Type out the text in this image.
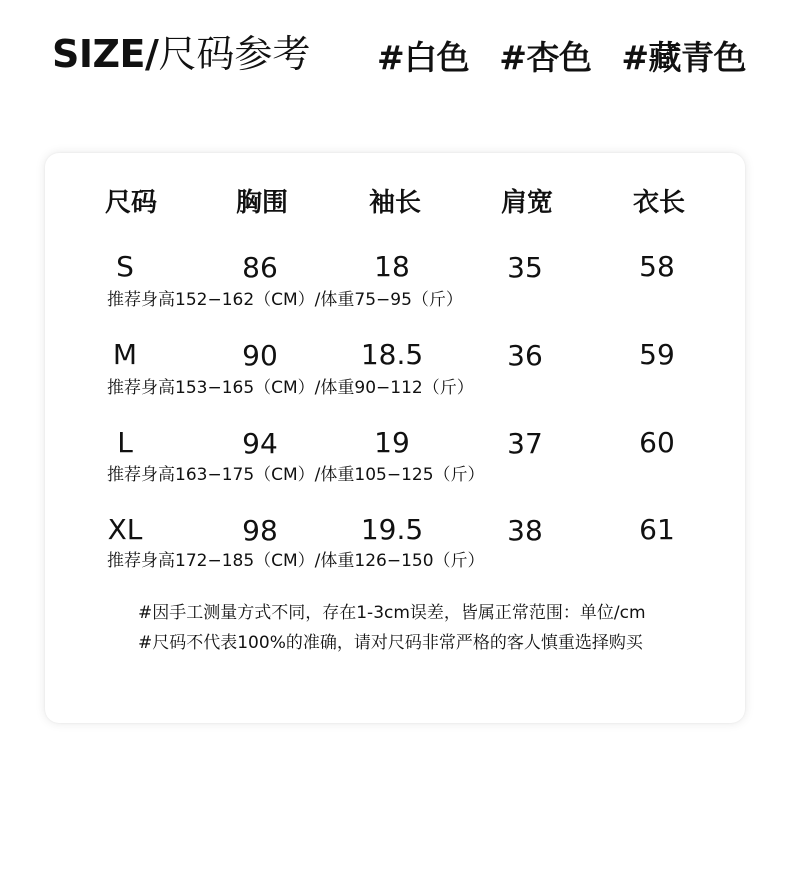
SIZE/尺码参考 #白色 #杏色 #藏青色
尺码	胸围	袖长	肩宽	衣长
S	86	18	35	58
推荐身高152−162（CM）/体重75−95（斤）
M	90	18.5	36	59
推荐身高153−165（CM）/体重90−112（斤）
L	94	19	37	60
推荐身高163−175（CM）/体重105−125（斤）
XL	98	19.5	38	61
推荐身高172−185（CM）/体重126−150（斤）

#因手工测量方式不同，存在1-3cm误差，皆属正常范围：单位/cm

#尺码不代表100%的准确，请对尺码非常严格的客人慎重选择购买
